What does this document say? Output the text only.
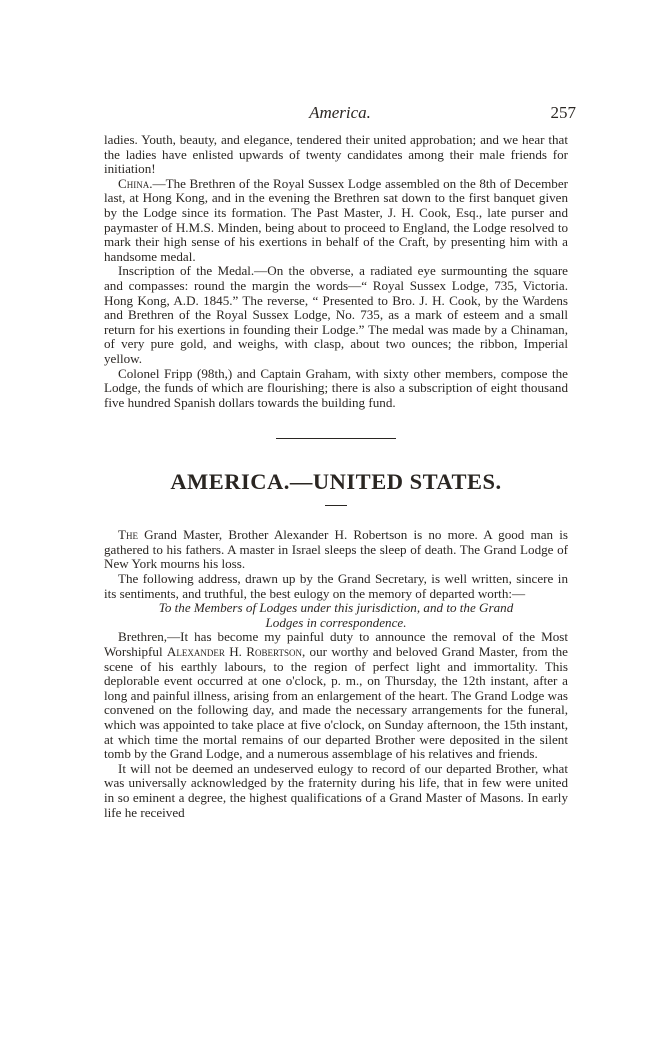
America.	257

ladies. Youth, beauty, and elegance, tendered their united approbation; and we hear that the ladies have enlisted upwards of twenty candidates among their male friends for initiation!

China.—The Brethren of the Royal Sussex Lodge assembled on the 8th of December last, at Hong Kong, and in the evening the Brethren sat down to the first banquet given by the Lodge since its formation. The Past Master, J. H. Cook, Esq., late purser and paymaster of H.M.S. Minden, being about to proceed to England, the Lodge resolved to mark their high sense of his exertions in behalf of the Craft, by presenting him with a handsome medal.

Inscription of the Medal.—On the obverse, a radiated eye surmounting the square and compasses: round the margin the words—“ Royal Sussex Lodge, 735, Victoria. Hong Kong, A.D. 1845.” The reverse, “ Presented to Bro. J. H. Cook, by the Wardens and Brethren of the Royal Sussex Lodge, No. 735, as a mark of esteem and a small return for his exertions in founding their Lodge.” The medal was made by a Chinaman, of very pure gold, and weighs, with clasp, about two ounces; the ribbon, Imperial yellow.

Colonel Fripp (98th,) and Captain Graham, with sixty other members, compose the Lodge, the funds of which are flourishing; there is also a subscription of eight thousand five hundred Spanish dollars towards the building fund.

AMERICA.—UNITED STATES.

The Grand Master, Brother Alexander H. Robertson is no more. A good man is gathered to his fathers. A master in Israel sleeps the sleep of death. The Grand Lodge of New York mourns his loss.

The following address, drawn up by the Grand Secretary, is well written, sincere in its sentiments, and truthful, the best eulogy on the memory of departed worth:—

To the Members of Lodges under this jurisdiction, and to the Grand

Lodges in correspondence.

Brethren,—It has become my painful duty to announce the removal of the Most Worshipful Alexander H. Robertson, our worthy and beloved Grand Master, from the scene of his earthly labours, to the region of perfect light and immortality. This deplorable event occurred at one o'clock, p. m., on Thursday, the 12th instant, after a long and painful illness, arising from an enlargement of the heart. The Grand Lodge was convened on the following day, and made the necessary arrangements for the funeral, which was appointed to take place at five o'clock, on Sunday afternoon, the 15th instant, at which time the mortal remains of our departed Brother were deposited in the silent tomb by the Grand Lodge, and a numerous assemblage of his relatives and friends.

It will not be deemed an undeserved eulogy to record of our departed Brother, what was universally acknowledged by the fraternity during his life, that in few were united in so eminent a degree, the highest qualifications of a Grand Master of Masons. In early life he received
